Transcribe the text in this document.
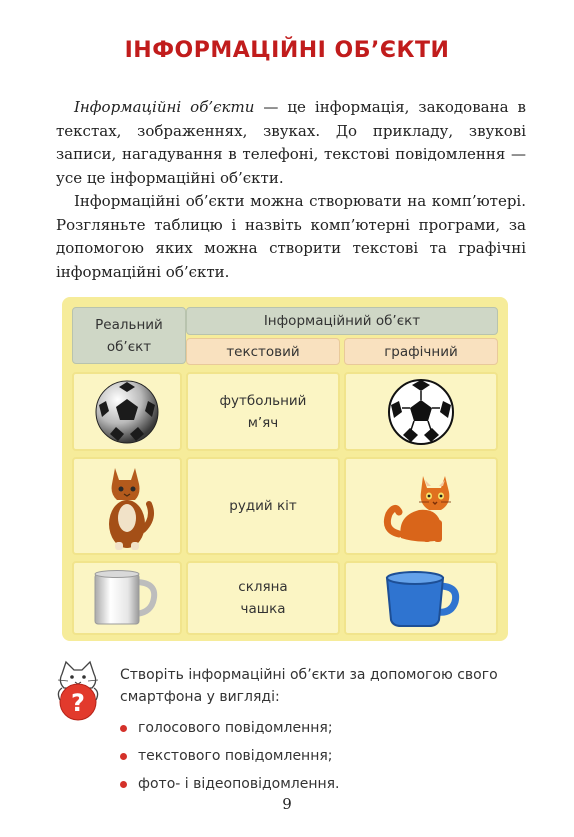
ІНФОРМАЦІЙНІ ОБ’ЄКТИ

Інформаційні об’єкти — це інформація, закодована в текстах, зображеннях, звуках. До прикладу, звукові записи, нагадування в телефоні, текстові повідомлення — усе це інформаційні об’єкти.

Інформаційні об’єкти можна створювати на комп’ютері. Розгляньте таблицю і назвіть комп’ютерні програми, за допомогою яких можна створити текстові та графічні інформаційні об’єкти.

Реальний об’єкт
Інформаційний об’єкт
текстовий	графічний
футбольний м’яч
рудий кіт
скляна чашка
?
Створіть інформаційні об’єкти за допомогою свого смартфона у вигляді:
голосового повідомлення;
текстового повідомлення;
фото- і відеоповідомлення.
9
